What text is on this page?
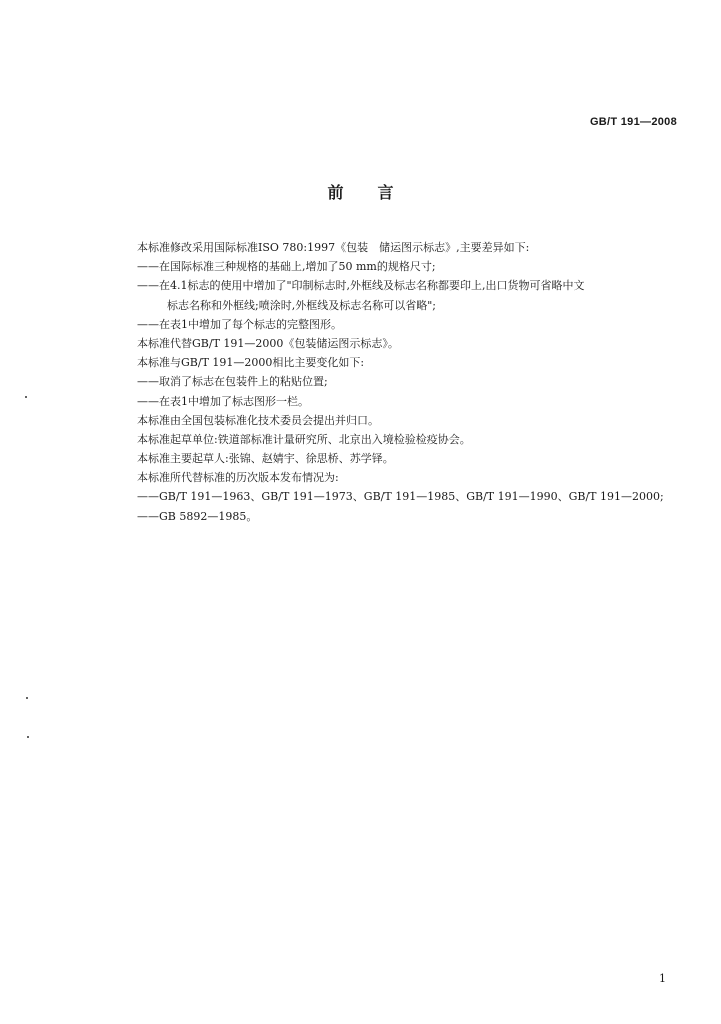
GB/T 191—2008
前言
本标准修改采用国际标准ISO 780:1997《包装　储运图示标志》,主要差异如下:
——在国际标准三种规格的基础上,增加了50 mm的规格尺寸;
——在4.1标志的使用中增加了"印制标志时,外框线及标志名称都要印上,出口货物可省略中文
标志名称和外框线;喷涂时,外框线及标志名称可以省略";
——在表1中增加了每个标志的完整图形。
本标准代替GB/T 191—2000《包装储运图示标志》。
本标准与GB/T 191—2000相比主要变化如下:
——取消了标志在包装件上的粘贴位置;
——在表1中增加了标志图形一栏。
本标准由全国包装标准化技术委员会提出并归口。
本标准起草单位:铁道部标准计量研究所、北京出入境检验检疫协会。
本标准主要起草人:张锦、赵婧宇、徐思桥、苏学铎。
本标准所代替标准的历次版本发布情况为:
——GB/T 191—1963、GB/T 191—1973、GB/T 191—1985、GB/T 191—1990、GB/T 191—2000;
——GB 5892—1985。
1
